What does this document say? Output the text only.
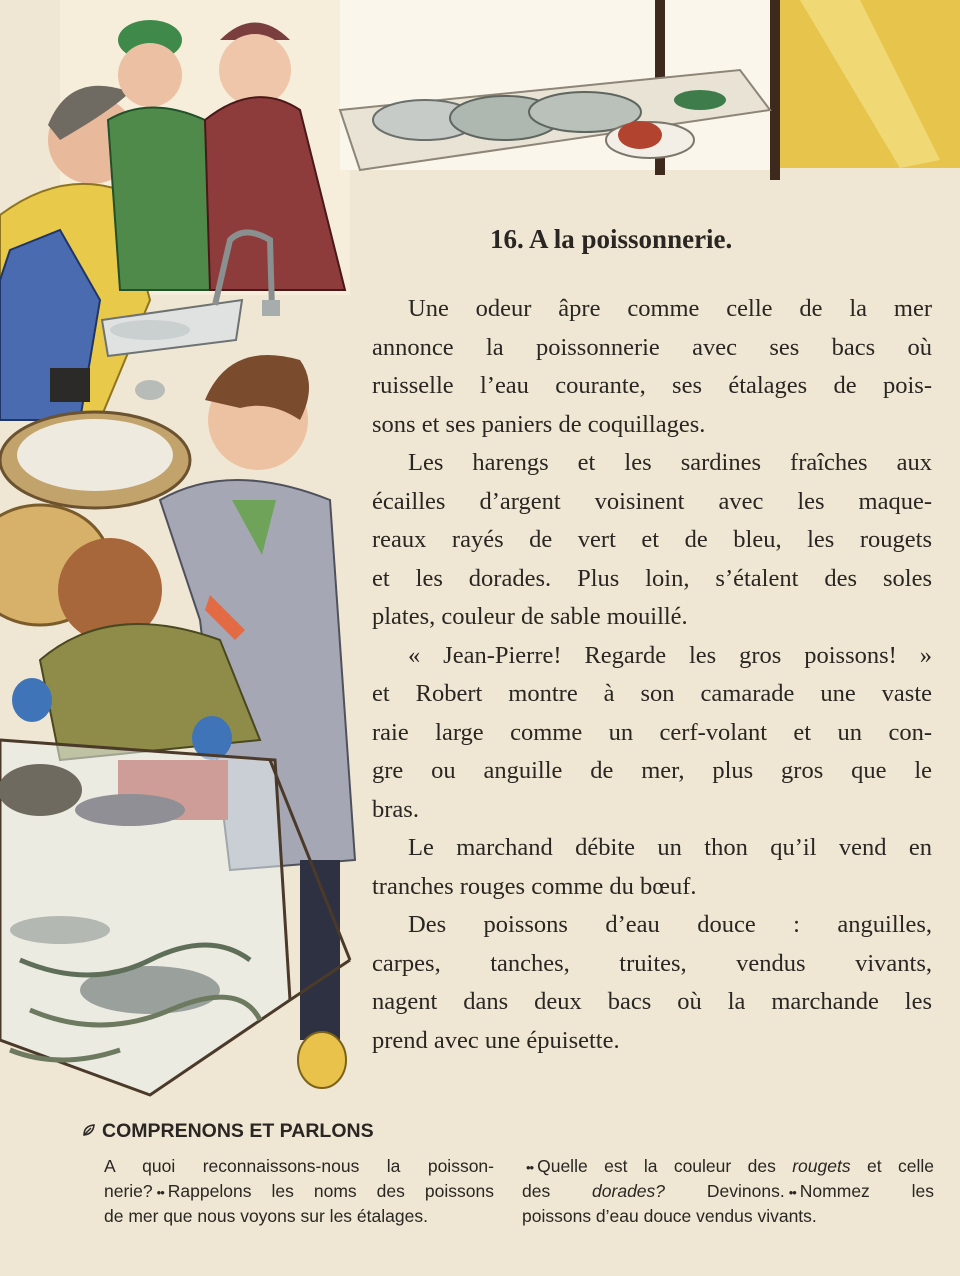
16. A la poissonnerie.
Une odeur âpre comme celle de la mer
annonce la poissonnerie avec ses bacs où
ruisselle l’eau courante, ses étalages de pois-
sons et ses paniers de coquillages.
Les harengs et les sardines fraîches aux
écailles d’argent voisinent avec les maque-
reaux rayés de vert et de bleu, les rougets
et les dorades. Plus loin, s’étalent des soles
plates, couleur de sable mouillé.
« Jean-Pierre! Regarde les gros poissons! »
et Robert montre à son camarade une vaste
raie large comme un cerf-volant et un con-
gre ou anguille de mer, plus gros que le
bras.
Le marchand débite un thon qu’il vend en
tranches rouges comme du bœuf.
Des poissons d’eau douce : anguilles,
carpes, tanches, truites, vendus vivants,
nagent dans deux bacs où la marchande les
prend avec une épuisette.
COMPRENONS ET PARLONS
A quoi reconnaissons-nous la poisson-
nerie? •• Rappelons les noms des poissons
de mer que nous voyons sur les étalages.
•• Quelle est la couleur des rougets et celle
des dorades? Devinons. •• Nommez les
poissons d’eau douce vendus vivants.
